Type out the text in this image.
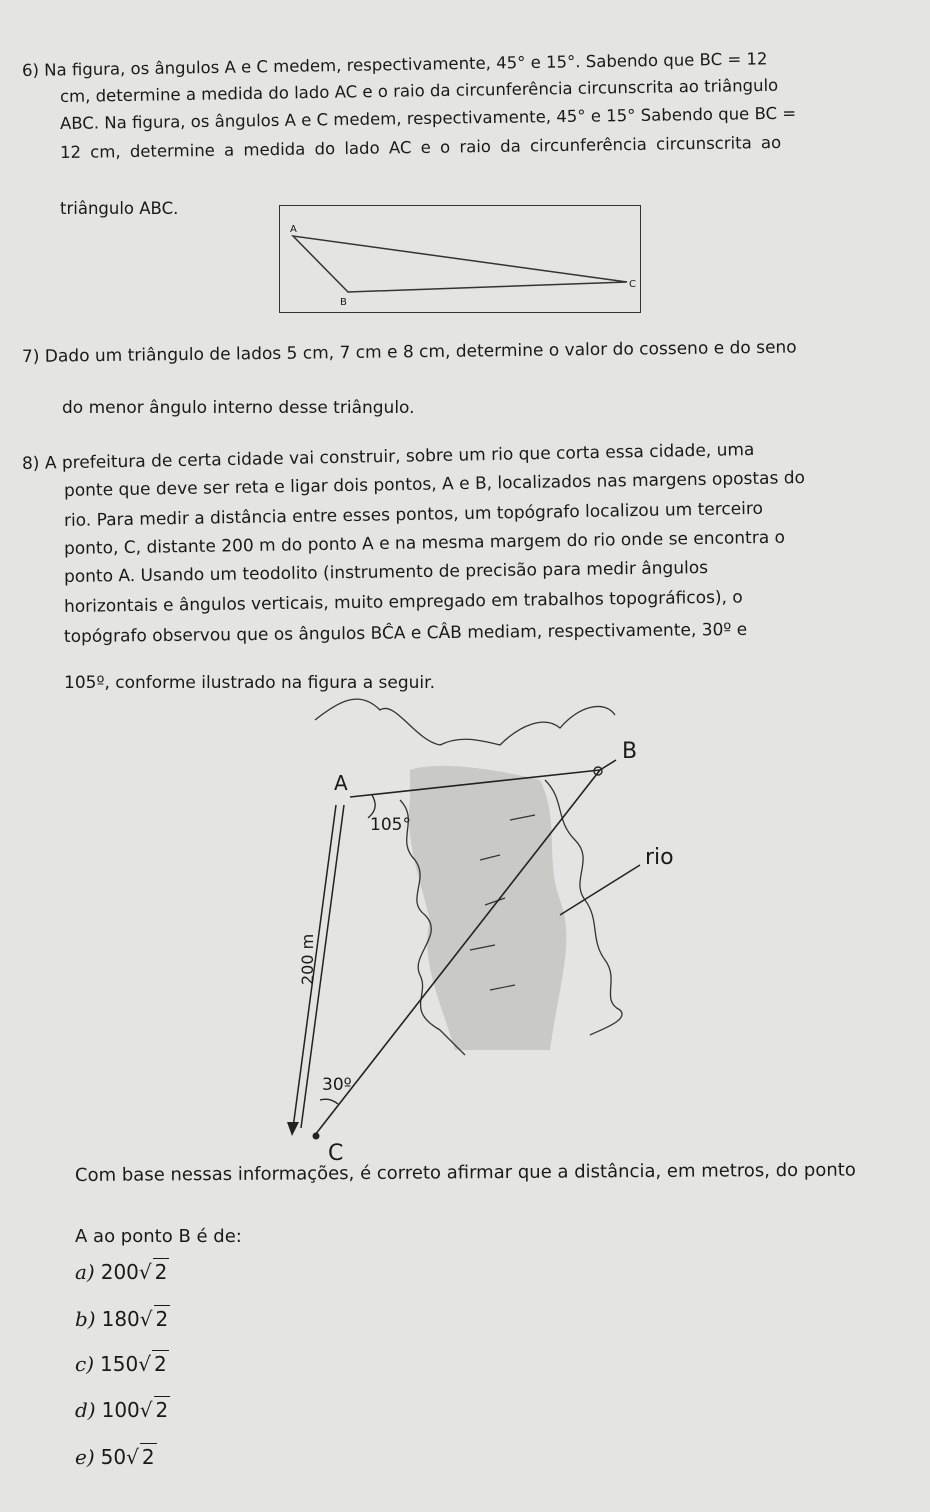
6) Na figura, os ângulos A e C medem, respectivamente, 45° e 15°. Sabendo que BC = 12
cm, determine a medida do lado AC e o raio da circunferência circunscrita ao triângulo
ABC. Na figura, os ângulos A e C medem, respectivamente, 45° e 15° Sabendo que BC =
12 cm, determine a medida do lado AC e o raio da circunferência circunscrita ao
triângulo ABC.
A
B
C
7) Dado um triângulo de lados 5 cm, 7 cm e 8 cm, determine o valor do cosseno e do seno
do menor ângulo interno desse triângulo.
8) A prefeitura de certa cidade vai construir, sobre um rio que corta essa cidade, uma
ponte que deve ser reta e ligar dois pontos, A e B, localizados nas margens opostas do
rio. Para medir a distância entre esses pontos, um topógrafo localizou um terceiro
ponto, C, distante 200 m do ponto A e na mesma margem do rio onde se encontra o
ponto A. Usando um teodolito (instrumento de precisão para medir ângulos
horizontais e ângulos verticais, muito empregado em trabalhos topográficos), o
topógrafo observou que os ângulos BĈA e CÂB mediam, respectivamente, 30º e
105º, conforme ilustrado na figura a seguir.
B
A
105°
30º
C
rio
200 m
Com base nessas informações, é correto afirmar que a distância, em metros, do ponto
A ao ponto B é de:
a) 200√ 2
b) 180√ 2
c) 150√ 2
d) 100√ 2
e) 50√ 2
